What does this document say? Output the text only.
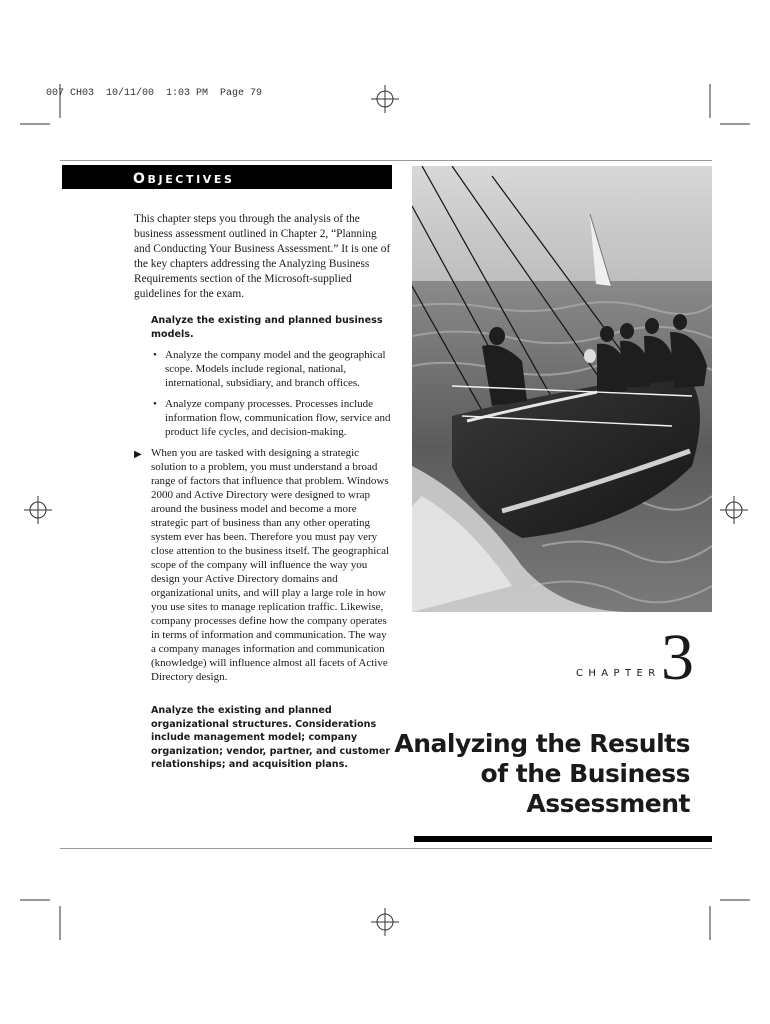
007 CH03  10/11/00  1:03 PM  Page 79
OBJECTIVES

This chapter steps you through the analysis of the business assessment outlined in Chapter 2, “Planning and Conducting Your Business Assessment.” It is one of the key chapters addressing the Analyzing Business Requirements section of the Microsoft-supplied guidelines for the exam.

Analyze the existing and planned business models.

• Analyze the company model and the geographical scope. Models include regional, national, international, subsidiary, and branch offices.
• Analyze company processes. Processes include information flow, communication flow, service and product life cycles, and decision-making.
▶ When you are tasked with designing a strategic solution to a problem, you must understand a broad range of factors that influence that problem. Windows 2000 and Active Directory were designed to wrap around the business model and become a more strategic part of business than any other operating system ever has been. Therefore you must pay very close attention to the business itself. The geographical scope of the company will influence the way you design your Active Directory domains and organizational units, and will play a large role in how you use sites to manage replication traffic. Likewise, company processes define how the company operates in terms of information and communication. The way a company manages information and communication (knowledge) will influence almost all facets of Active Directory design.

Analyze the existing and planned organizational structures. Considerations include management model; company organization; vendor, partner, and customer relationships; and acquisition plans.

CHAPTER 3
Analyzing the Results
of the Business
Assessment
